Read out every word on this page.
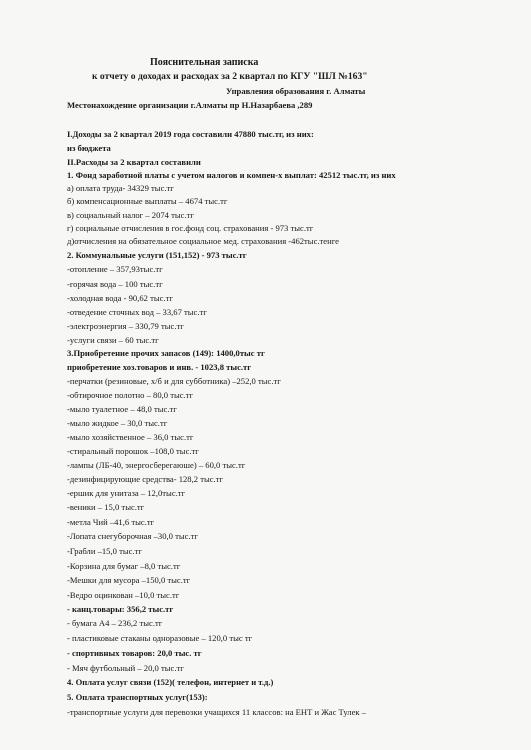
Пояснительная записка
к отчету о доходах и расходах за 2 квартал по КГУ "ШЛ №163"
Управления образования г. Алматы
Местонахождение организации г.Алматы пр Н.Назарбаева ,289
I.Доходы за 2 квартал 2019 года составили 47880 тыс.тг, из них:
из бюджета
II.Расходы за 2 квартал составили
1. Фонд заработной платы с учетом налогов и компен-х выплат: 42512 тыс.тг, из них
а) оплата труда- 34329 тыс.тг
б) компенсационные выплаты – 4674 тыс.тг
в) социальный налог – 2074 тыс.тг
г) социальные отчисления в гос.фонд соц. страхования - 973 тыс.тг
д)отчисления на обязательное социальное мед. страхования -462тыс.тенге
2. Коммунальные услуги (151,152) - 973 тыс.тг
-отопление – 357,93тыс.тг
-горячая вода – 100 тыс.тг
-холодная вода - 90,62 тыс.тг
-отведение сточных вод – 33,67 тыс.тг
-электроэнергия – 330,79 тыс.тг
-услуги связи – 60 тыс.тг
3.Приобретение прочих запасов (149): 1400,0тыс тг
приобретение хоз.товаров и инв. - 1023,8 тыс.тг
-перчатки (резиновые, х/б и для субботника) –252,0 тыс.тг
-обтирочное полотно – 80,0 тыс.тг
-мыло туалетное – 48,0 тыс.тг
-мыло жидкое – 30,0 тыс.тг
-мыло хозяйственное – 36,0 тыс.тг
-стиральный порошок –108,0 тыс.тг
-лампы (ЛБ-40, энергосберегаюше) – 60,0 тыс.тг
-дезинфицирующие средства- 128,2 тыс.тг
-ершик для унитаза – 12,0тыс.тг
-веники – 15,0 тыс.тг
-метла Чий –41,6 тыс.тг
-Лопата снегуборочная –30,0 тыс.тг
-Грабли –15,0 тыс.тг
-Корзина для бумаг –8,0 тыс.тг
-Мешки для мусора –150,0 тыс.тг
-Ведро оцинкован –10,0 тыс.тг
- канц.товары: 356,2 тыс.тг
- бумага А4 – 236,2 тыс.тг
- пластиковые стаканы одноразовые – 120,0 тыс тг
- спортивных товаров: 20,0 тыс. тг
- Мяч футбольный – 20,0 тыс.тг
4. Оплата услуг связи (152)( телефон, интернет и т.д.)
5. Оплата транспортных услуг(153):
-транспортные услуги для перевозки учащихся 11 классов: на ЕНТ и Жас Тулек –
